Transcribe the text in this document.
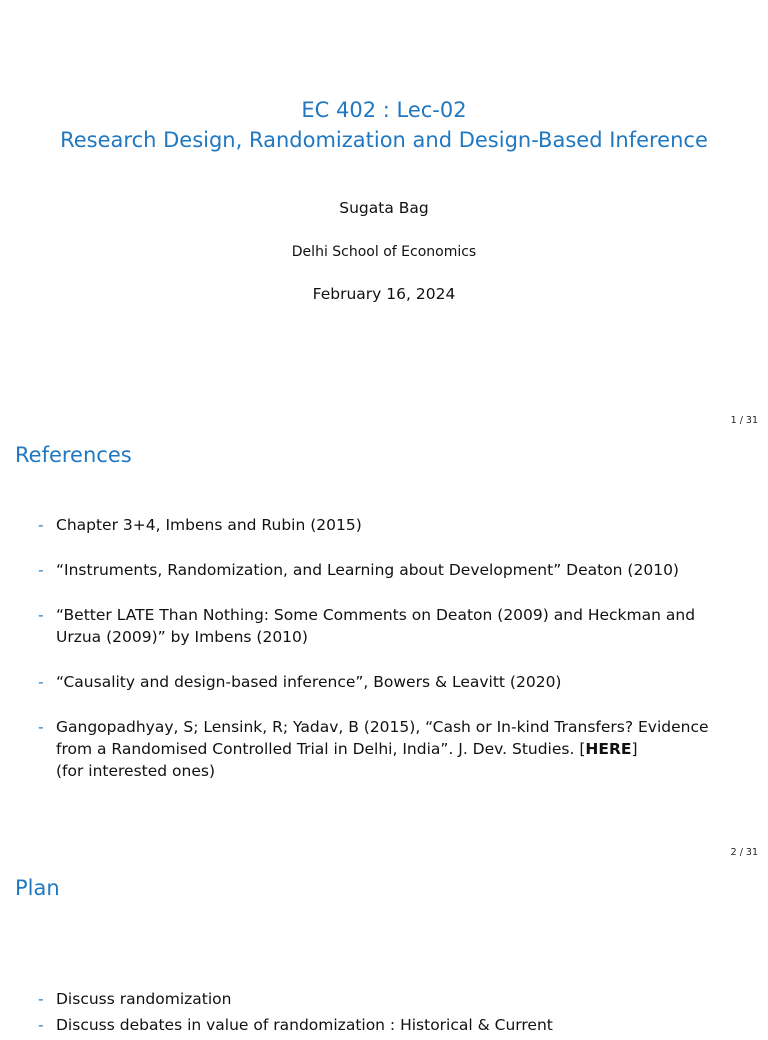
EC 402 : Lec-02
Research Design, Randomization and Design-Based Inference
Sugata Bag
Delhi School of Economics
February 16, 2024
1 / 31
References
- Chapter 3+4, Imbens and Rubin (2015)
- “Instruments, Randomization, and Learning about Development” Deaton (2010)
- “Better LATE Than Nothing: Some Comments on Deaton (2009) and Heckman and Urzua (2009)” by Imbens (2010)
- “Causality and design-based inference”, Bowers & Leavitt (2020)
- Gangopadhyay, S; Lensink, R; Yadav, B (2015), “Cash or In-kind Transfers? Evidence from a Randomised Controlled Trial in Delhi, India”. J. Dev. Studies. [HERE]
(for interested ones)
2 / 31
Plan
- Discuss randomization
- Discuss debates in value of randomization : Historical & Current
